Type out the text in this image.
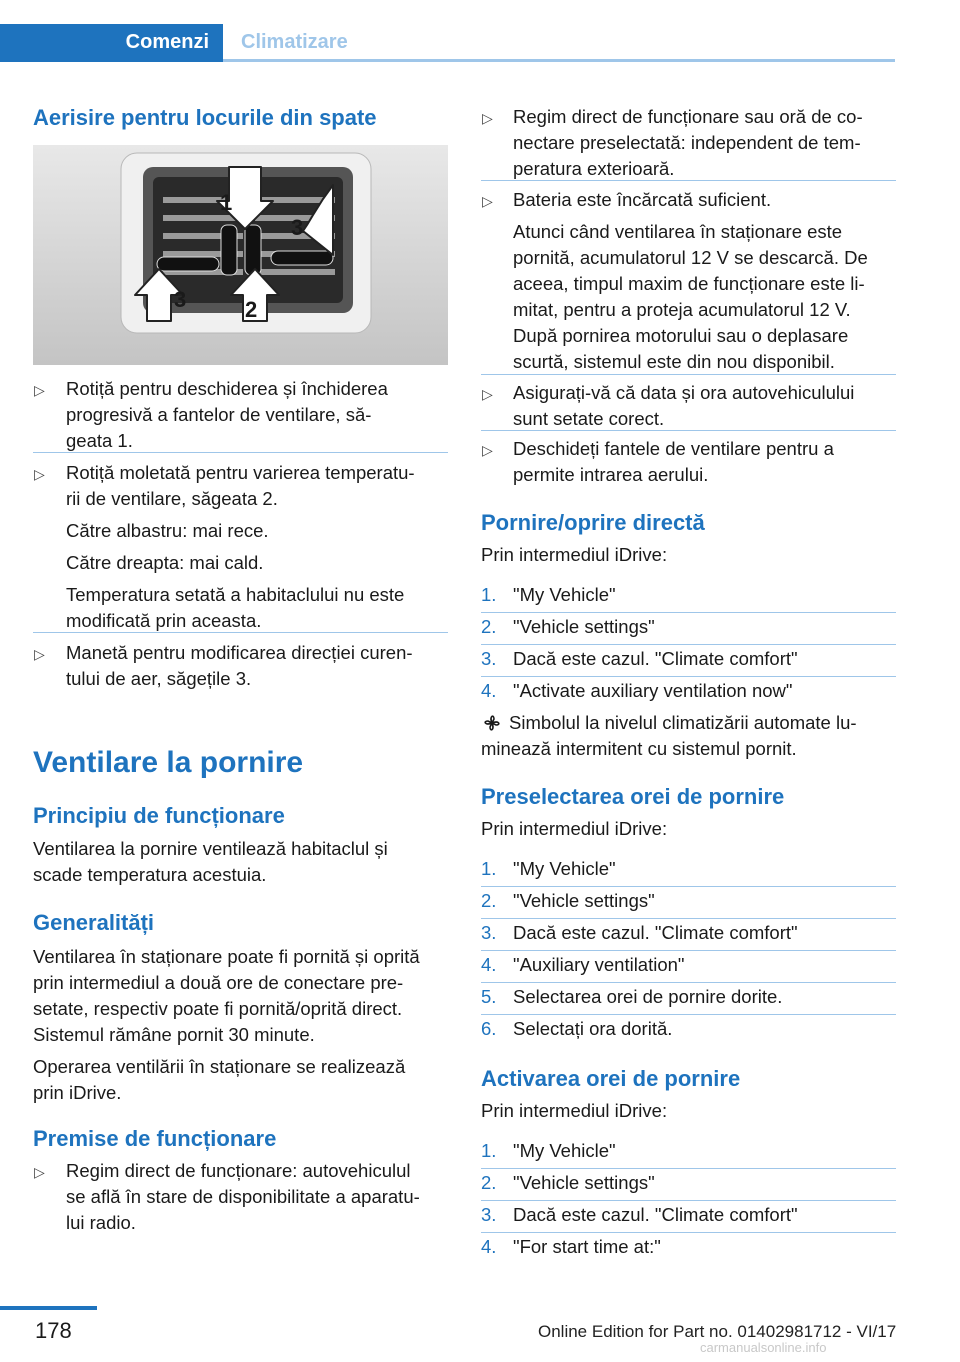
Comenzi Climatizare
Aerisire pentru locurile din spate
1
2
3
3
▷ Rotiță pentru deschiderea și închiderea
progresivă a fantelor de ventilare, să‐
geata 1.
▷ Rotiță moletată pentru varierea temperatu‐
rii de ventilare, săgeata 2.
Către albastru: mai rece.
Către dreapta: mai cald.
Temperatura setată a habitaclului nu este
modificată prin aceasta.
▷ Manetă pentru modificarea direcției curen‐
tului de aer, săgețile 3.
Ventilare la pornire
Principiu de funcționare
Ventilarea la pornire ventilează habitaclul și
scade temperatura acestuia.
Generalități
Ventilarea în staționare poate fi pornită și oprită
prin intermediul a două ore de conectare pre‐
setate, respectiv poate fi pornită/oprită direct.
Sistemul rămâne pornit 30 minute.
Operarea ventilării în staționare se realizează
prin iDrive.
Premise de funcționare
▷ Regim direct de funcționare: autovehiculul
se află în stare de disponibilitate a aparatu‐
lui radio.
▷ Regim direct de funcționare sau oră de co‐
nectare preselectată: independent de tem‐
peratura exterioară.
▷ Bateria este încărcată suficient.
Atunci când ventilarea în staționare este
pornită, acumulatorul 12 V se descarcă. De
aceea, timpul maxim de funcționare este li‐
mitat, pentru a proteja acumulatorul 12 V.
După pornirea motorului sau o deplasare
scurtă, sistemul este din nou disponibil.
▷ Asigurați-vă că data și ora autovehiculului
sunt setate corect.
▷ Deschideți fantele de ventilare pentru a
permite intrarea aerului.
Pornire/oprire directă
Prin intermediul iDrive:
1. "My Vehicle"
2. "Vehicle settings"
3. Dacă este cazul. "Climate comfort"
4. "Activate auxiliary ventilation now"
Simbolul la nivelul climatizării automate lu‐
minează intermitent cu sistemul pornit.
Preselectarea orei de pornire
Prin intermediul iDrive:
1. "My Vehicle"
2. "Vehicle settings"
3. Dacă este cazul. "Climate comfort"
4. "Auxiliary ventilation"
5. Selectarea orei de pornire dorite.
6. Selectați ora dorită.
Activarea orei de pornire
Prin intermediul iDrive:
1. "My Vehicle"
2. "Vehicle settings"
3. Dacă este cazul. "Climate comfort"
4. "For start time at:"
178	Online Edition for Part no. 01402981712 - VI/17
carmanualsonline.info
